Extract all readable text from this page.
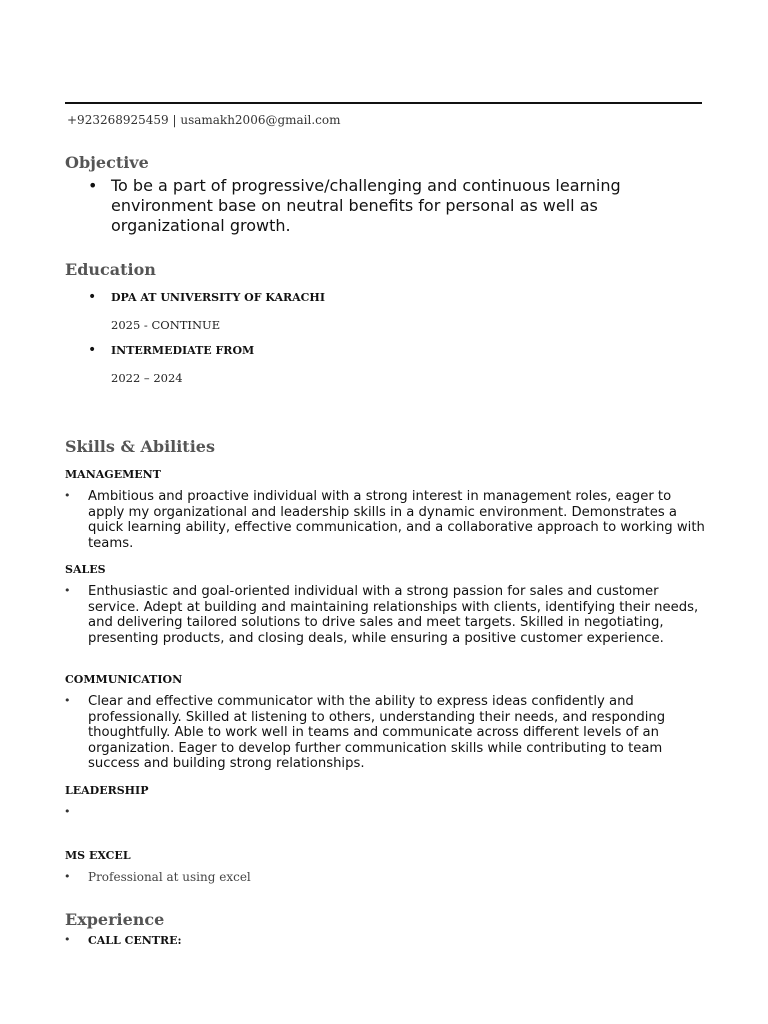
+923268925459 | usamakh2006@gmail.com
Objective
• To be a part of progressive/challenging and continuous learning environment base on neutral benefits for personal as well as organizational growth.
Education
• DPA AT UNIVERSITY OF KARACHI
2025 - CONTINUE
• INTERMEDIATE FROM
2022 – 2024
Skills & Abilities
MANAGEMENT
• Ambitious and proactive individual with a strong interest in management roles, eager to apply my organizational and leadership skills in a dynamic environment. Demonstrates a quick learning ability, effective communication, and a collaborative approach to working with teams.
SALES
• Enthusiastic and goal-oriented individual with a strong passion for sales and customer service. Adept at building and maintaining relationships with clients, identifying their needs, and delivering tailored solutions to drive sales and meet targets. Skilled in negotiating, presenting products, and closing deals, while ensuring a positive customer experience.
COMMUNICATION
• Clear and effective communicator with the ability to express ideas confidently and professionally. Skilled at listening to others, understanding their needs, and responding thoughtfully. Able to work well in teams and communicate across different levels of an organization. Eager to develop further communication skills while contributing to team success and building strong relationships.
LEADERSHIP
•
MS EXCEL
• Professional at using excel
Experience
• CALL CENTRE:
